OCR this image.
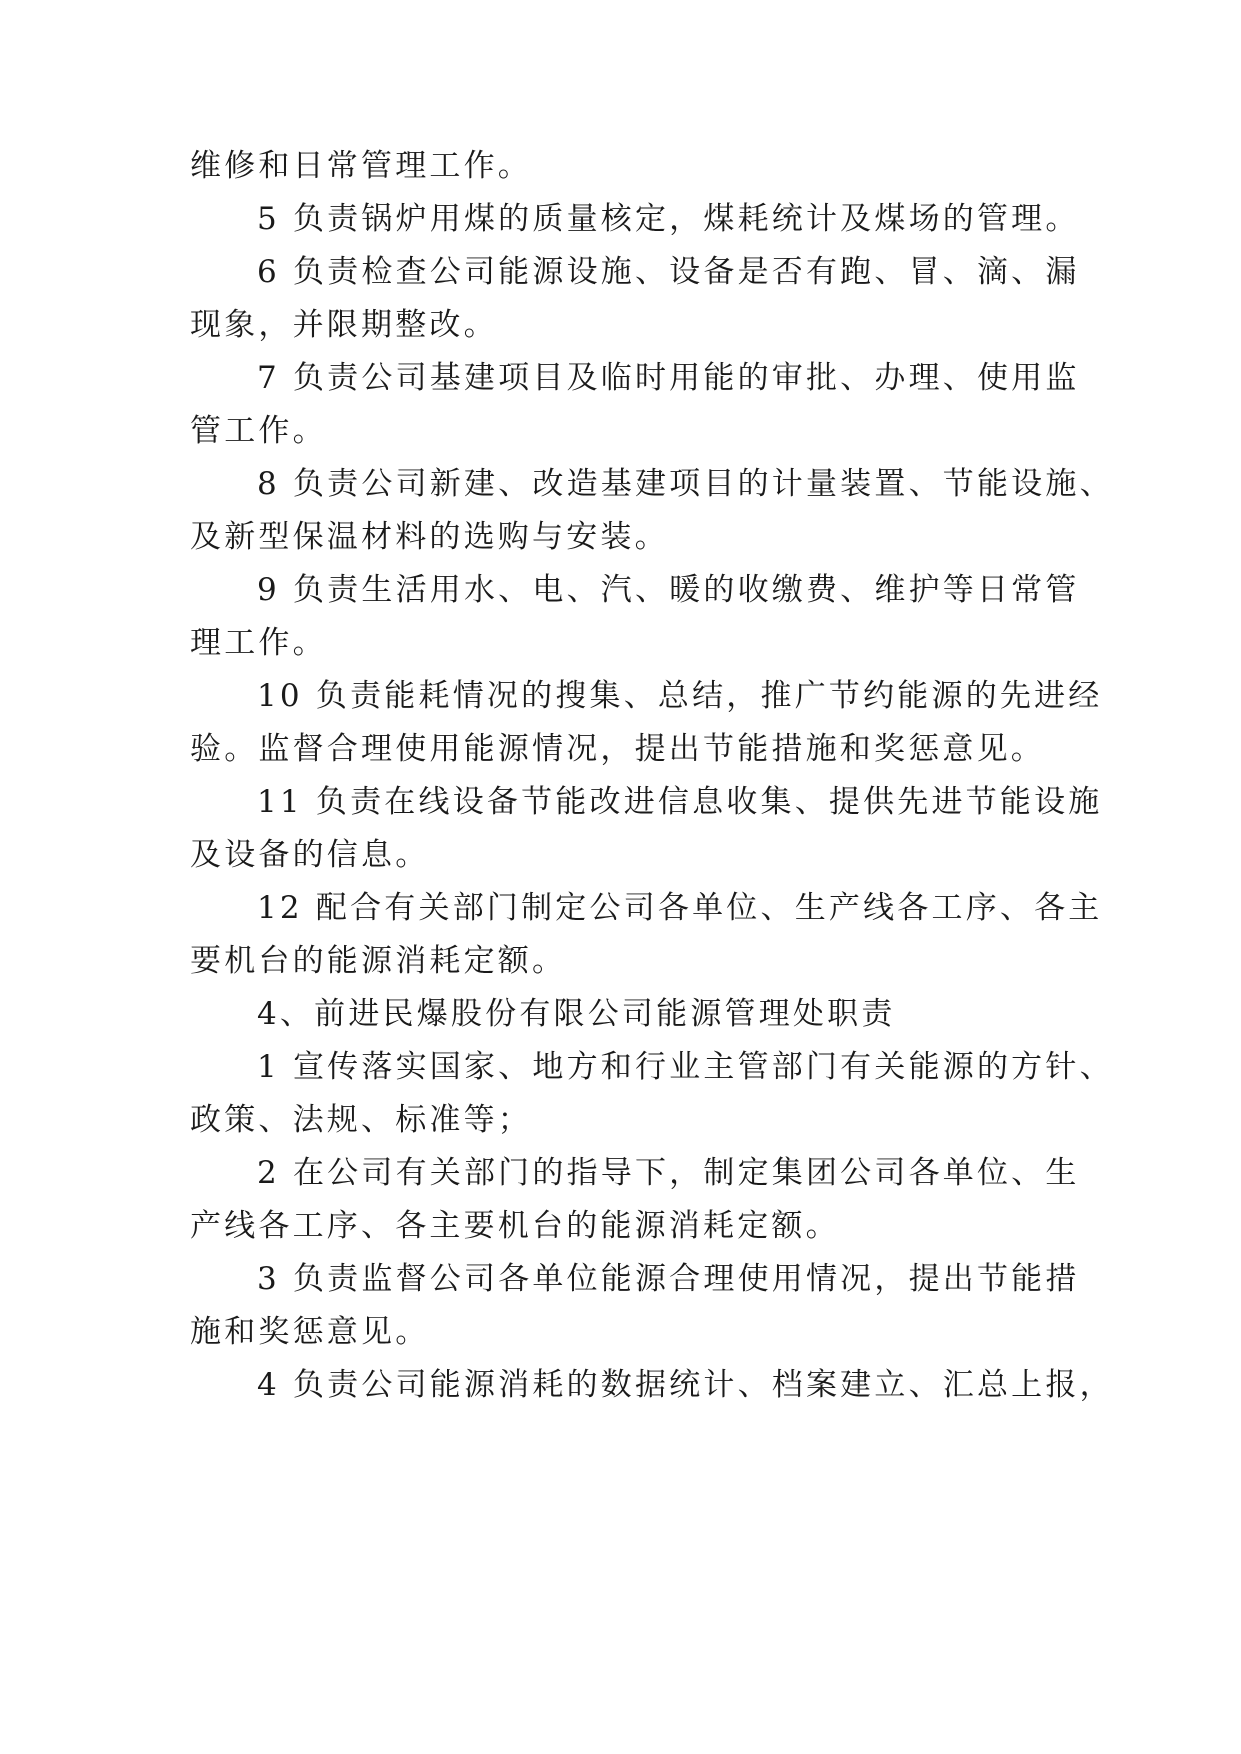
维修和日常管理工作。
5 负责锅炉用煤的质量核定，煤耗统计及煤场的管理。
6 负责检查公司能源设施、设备是否有跑、冒、滴、漏
现象，并限期整改。
7 负责公司基建项目及临时用能的审批、办理、使用监
管工作。
8 负责公司新建、改造基建项目的计量装置、节能设施、
及新型保温材料的选购与安装。
9 负责生活用水、电、汽、暖的收缴费、维护等日常管
理工作。
10 负责能耗情况的搜集、总结，推广节约能源的先进经
验。监督合理使用能源情况，提出节能措施和奖惩意见。
11 负责在线设备节能改进信息收集、提供先进节能设施
及设备的信息。
12 配合有关部门制定公司各单位、生产线各工序、各主
要机台的能源消耗定额。
4、前进民爆股份有限公司能源管理处职责
1 宣传落实国家、地方和行业主管部门有关能源的方针、
政策、法规、标准等；
2 在公司有关部门的指导下，制定集团公司各单位、生
产线各工序、各主要机台的能源消耗定额。
3 负责监督公司各单位能源合理使用情况，提出节能措
施和奖惩意见。
4 负责公司能源消耗的数据统计、档案建立、汇总上报，
